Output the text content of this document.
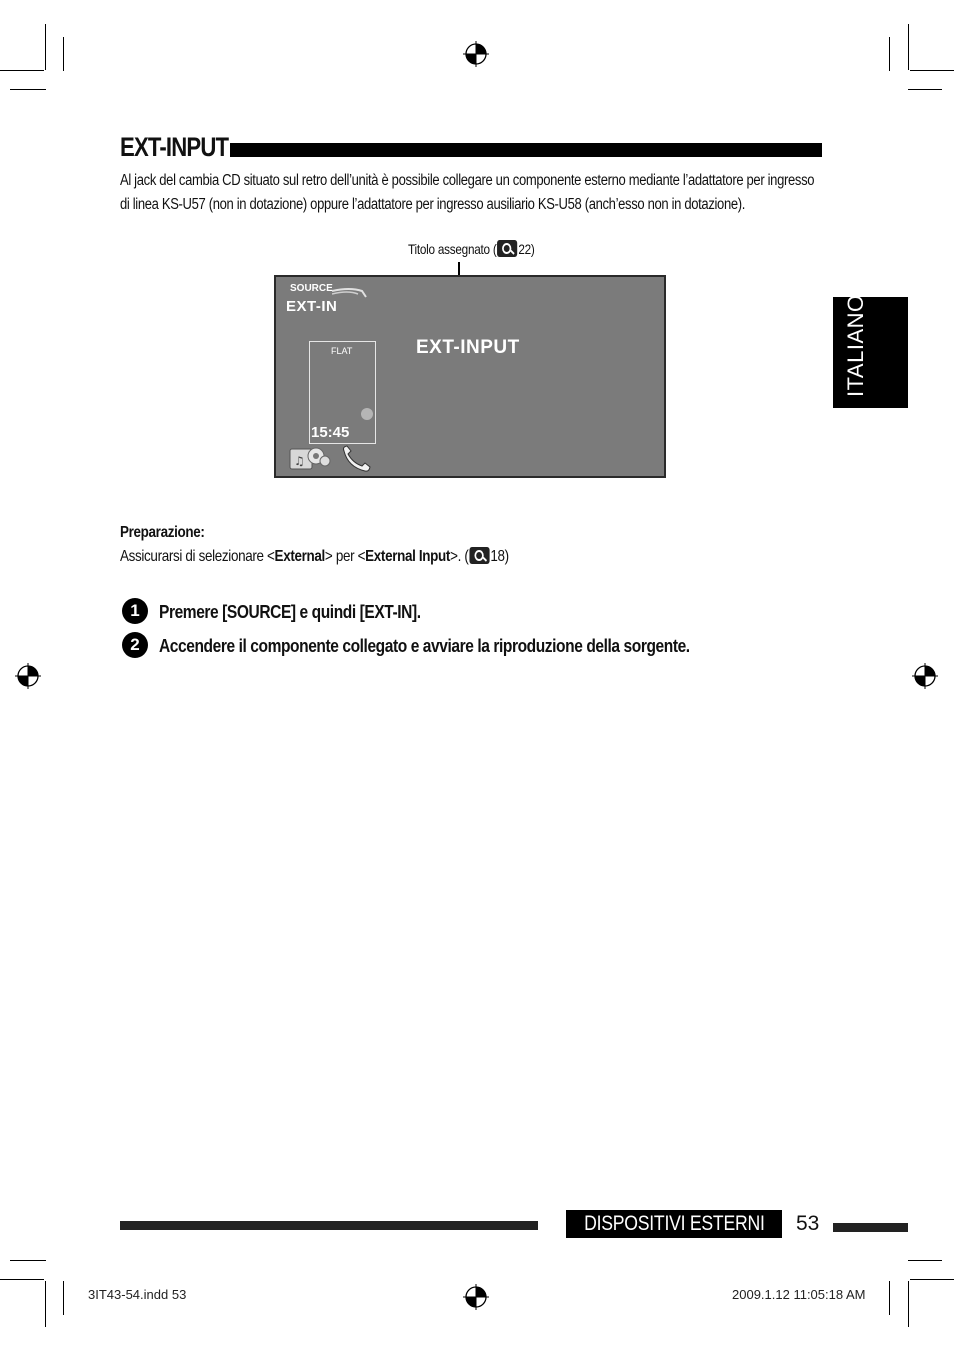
EXT-INPUT
Al jack del cambia CD situato sul retro dell’unità è possibile collegare un componente esterno mediante l’adattatore per ingresso di linea KS-U57 (non in dotazione) oppure l’adattatore per ingresso ausiliario KS-U58 (anch’esso non in dotazione).
Titolo assegnato ( 22)
SOURCE
EXT-IN
EXT-INPUT
FLAT
15:45
♫
Preparazione:
Assicurarsi di selezionare <External> per <External Input>. ( 18)
1	Premere [SOURCE] e quindi [EXT-IN].
2	Accendere il componente collegato e avviare la riproduzione della sorgente.
ITALIANO
DISPOSITIVI ESTERNI	53
3IT43-54.indd 53	2009.1.12 11:05:18 AM
